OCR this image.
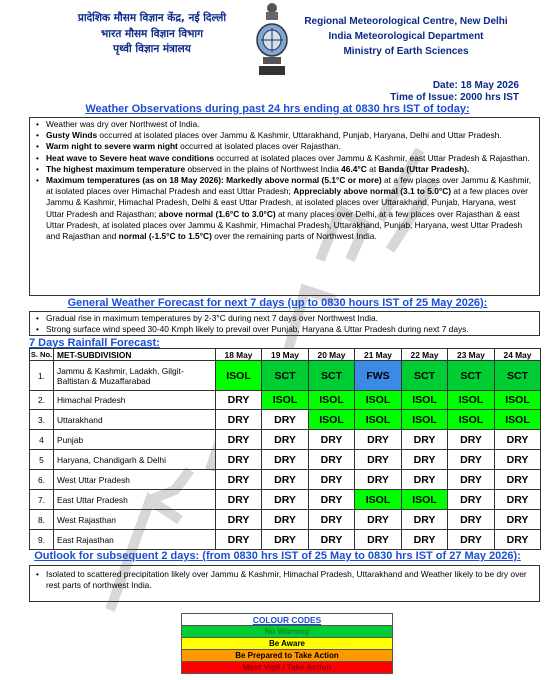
प्रादेशिक मौसम विज्ञान केंद्र, नई दिल्ली
भारत मौसम विज्ञान विभाग
पृथ्वी विज्ञान मंत्रालय
Regional Meteorological Centre, New Delhi
India Meteorological Department
Ministry of Earth Sciences
Date: 18 May 2026
Time of Issue: 2000 hrs IST
Weather Observations during past 24 hrs ending at 0830 hrs IST of today:
• Weather was dry over Northwest of India.
• Gusty Winds occurred at isolated places over Jammu & Kashmir, Uttarakhand, Punjab, Haryana, Delhi and Uttar Pradesh.
• Warm night to severe warm night occurred at isolated places over Rajasthan.
• Heat wave to Severe heat wave conditions occurred at isolated places over Jammu & Kashmir, east Uttar Pradesh & Rajasthan.
• The highest maximum temperature observed in the plains of Northwest India 46.4°C at Banda (Uttar Pradesh).
• Maximum temperatures (as on 18 May 2026): Markedly above normal (5.1°C or more) at a few places over Jammu & Kashmir, at isolated places over Himachal Pradesh and east Uttar Pradesh; Appreciably above normal (3.1 to 5.0°C) at a few places over Jammu & Kashmir, Himachal Pradesh, Delhi & east Uttar Pradesh, at isolated places over Uttarakhand, Punjab, Haryana, west Uttar Pradesh and Rajasthan; above normal (1.6°C to 3.0°C) at many places over Delhi, at a few places over Rajasthan & east Uttar Pradesh, at isolated places over Jammu & Kashmir, Himachal Pradesh, Uttarakhand, Punjab, Haryana, west Uttar Pradesh and Rajasthan and normal (-1.5°C to 1.5°C) over the remaining parts of Northwest India.
General Weather Forecast for next 7 days (up to 0830 hours IST of 25 May 2026):
• Gradual rise in maximum temperatures by 2-3°C during next 7 days over Northwest India.
• Strong surface wind speed 30-40 Kmph likely to prevail over Punjab, Haryana & Uttar Pradesh during next 7 days.
7 Days Rainfall Forecast:
S. No.	MET-SUBDIVISION	18 May	19 May	20 May	21 May	22 May	23 May	24 May
1.	Jammu & Kashmir, Ladakh, Gilgit-Baltistan & Muzaffarabad	ISOL	SCT	SCT	FWS	SCT	SCT	SCT
2.	Himachal Pradesh	DRY	ISOL	ISOL	ISOL	ISOL	ISOL	ISOL
3.	Uttarakhand	DRY	DRY	ISOL	ISOL	ISOL	ISOL	ISOL
4	Punjab	DRY	DRY	DRY	DRY	DRY	DRY	DRY
5	Haryana, Chandigarh & Delhi	DRY	DRY	DRY	DRY	DRY	DRY	DRY
6.	West Uttar Pradesh	DRY	DRY	DRY	DRY	DRY	DRY	DRY
7.	East Uttar Pradesh	DRY	DRY	DRY	ISOL	ISOL	DRY	DRY
8.	West Rajasthan	DRY	DRY	DRY	DRY	DRY	DRY	DRY
9.	East Rajasthan	DRY	DRY	DRY	DRY	DRY	DRY	DRY
Outlook for subsequent 2 days: (from 0830 hrs IST of 25 May to 0830 hrs IST of 27 May 2026):
• Isolated to scattered precipitation likely over Jammu & Kashmir, Himachal Pradesh, Uttarakhand and Weather likely to be dry over rest parts of northwest India.
COLOUR CODES
No Warning
Be Aware
Be Prepared to Take Action
Most Vigil / Take Action
